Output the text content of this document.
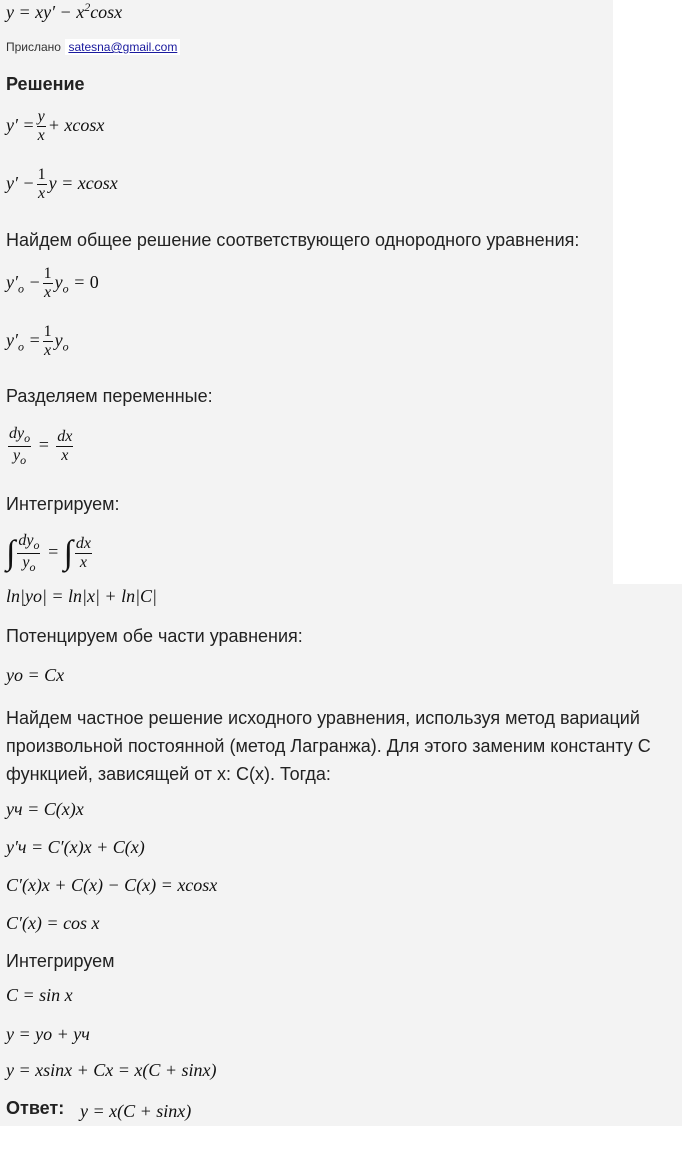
$y = xy' - x^2\cos x$
Прислано satesna@gmail.com
Решение
$y' = \frac{y}{x} + xcosx$
$y' - \frac{1}{x}$ y = xcosx
Найдем общее решение соответствующего однородного уравнения:
$y'_o - \frac{1}{x} y_o = 0$
$y'_o = \frac{1}{x} y_o$
Разделяем переменные:
$\frac{dy_o}{y_o} = \frac{dx}{x}$
Интегрируем:
∫ $\frac{dy_o}{y_o}$ = ∫ $\frac{dx}{x}$
ln|yo| = ln|x| + ln|C|
Потенцируем обе части уравнения:
yo = Cx
Найдем частное решение исходного уравнения, используя метод вариаций произвольной постоянной (метод Лагранжа). Для этого заменим константу C функцией, зависящей от x: C(x). Тогда:
yч = C(x)x
y′ч = C′(x)x + C(x)
C′(x)x + C(x) − C(x) = xcosx
C′(x) = cos x
Интегрируем
C = sin x
y = yo + yч
y = xsinx + Cx = x(C + sinx)
Ответ: y = x(C + sinx)
